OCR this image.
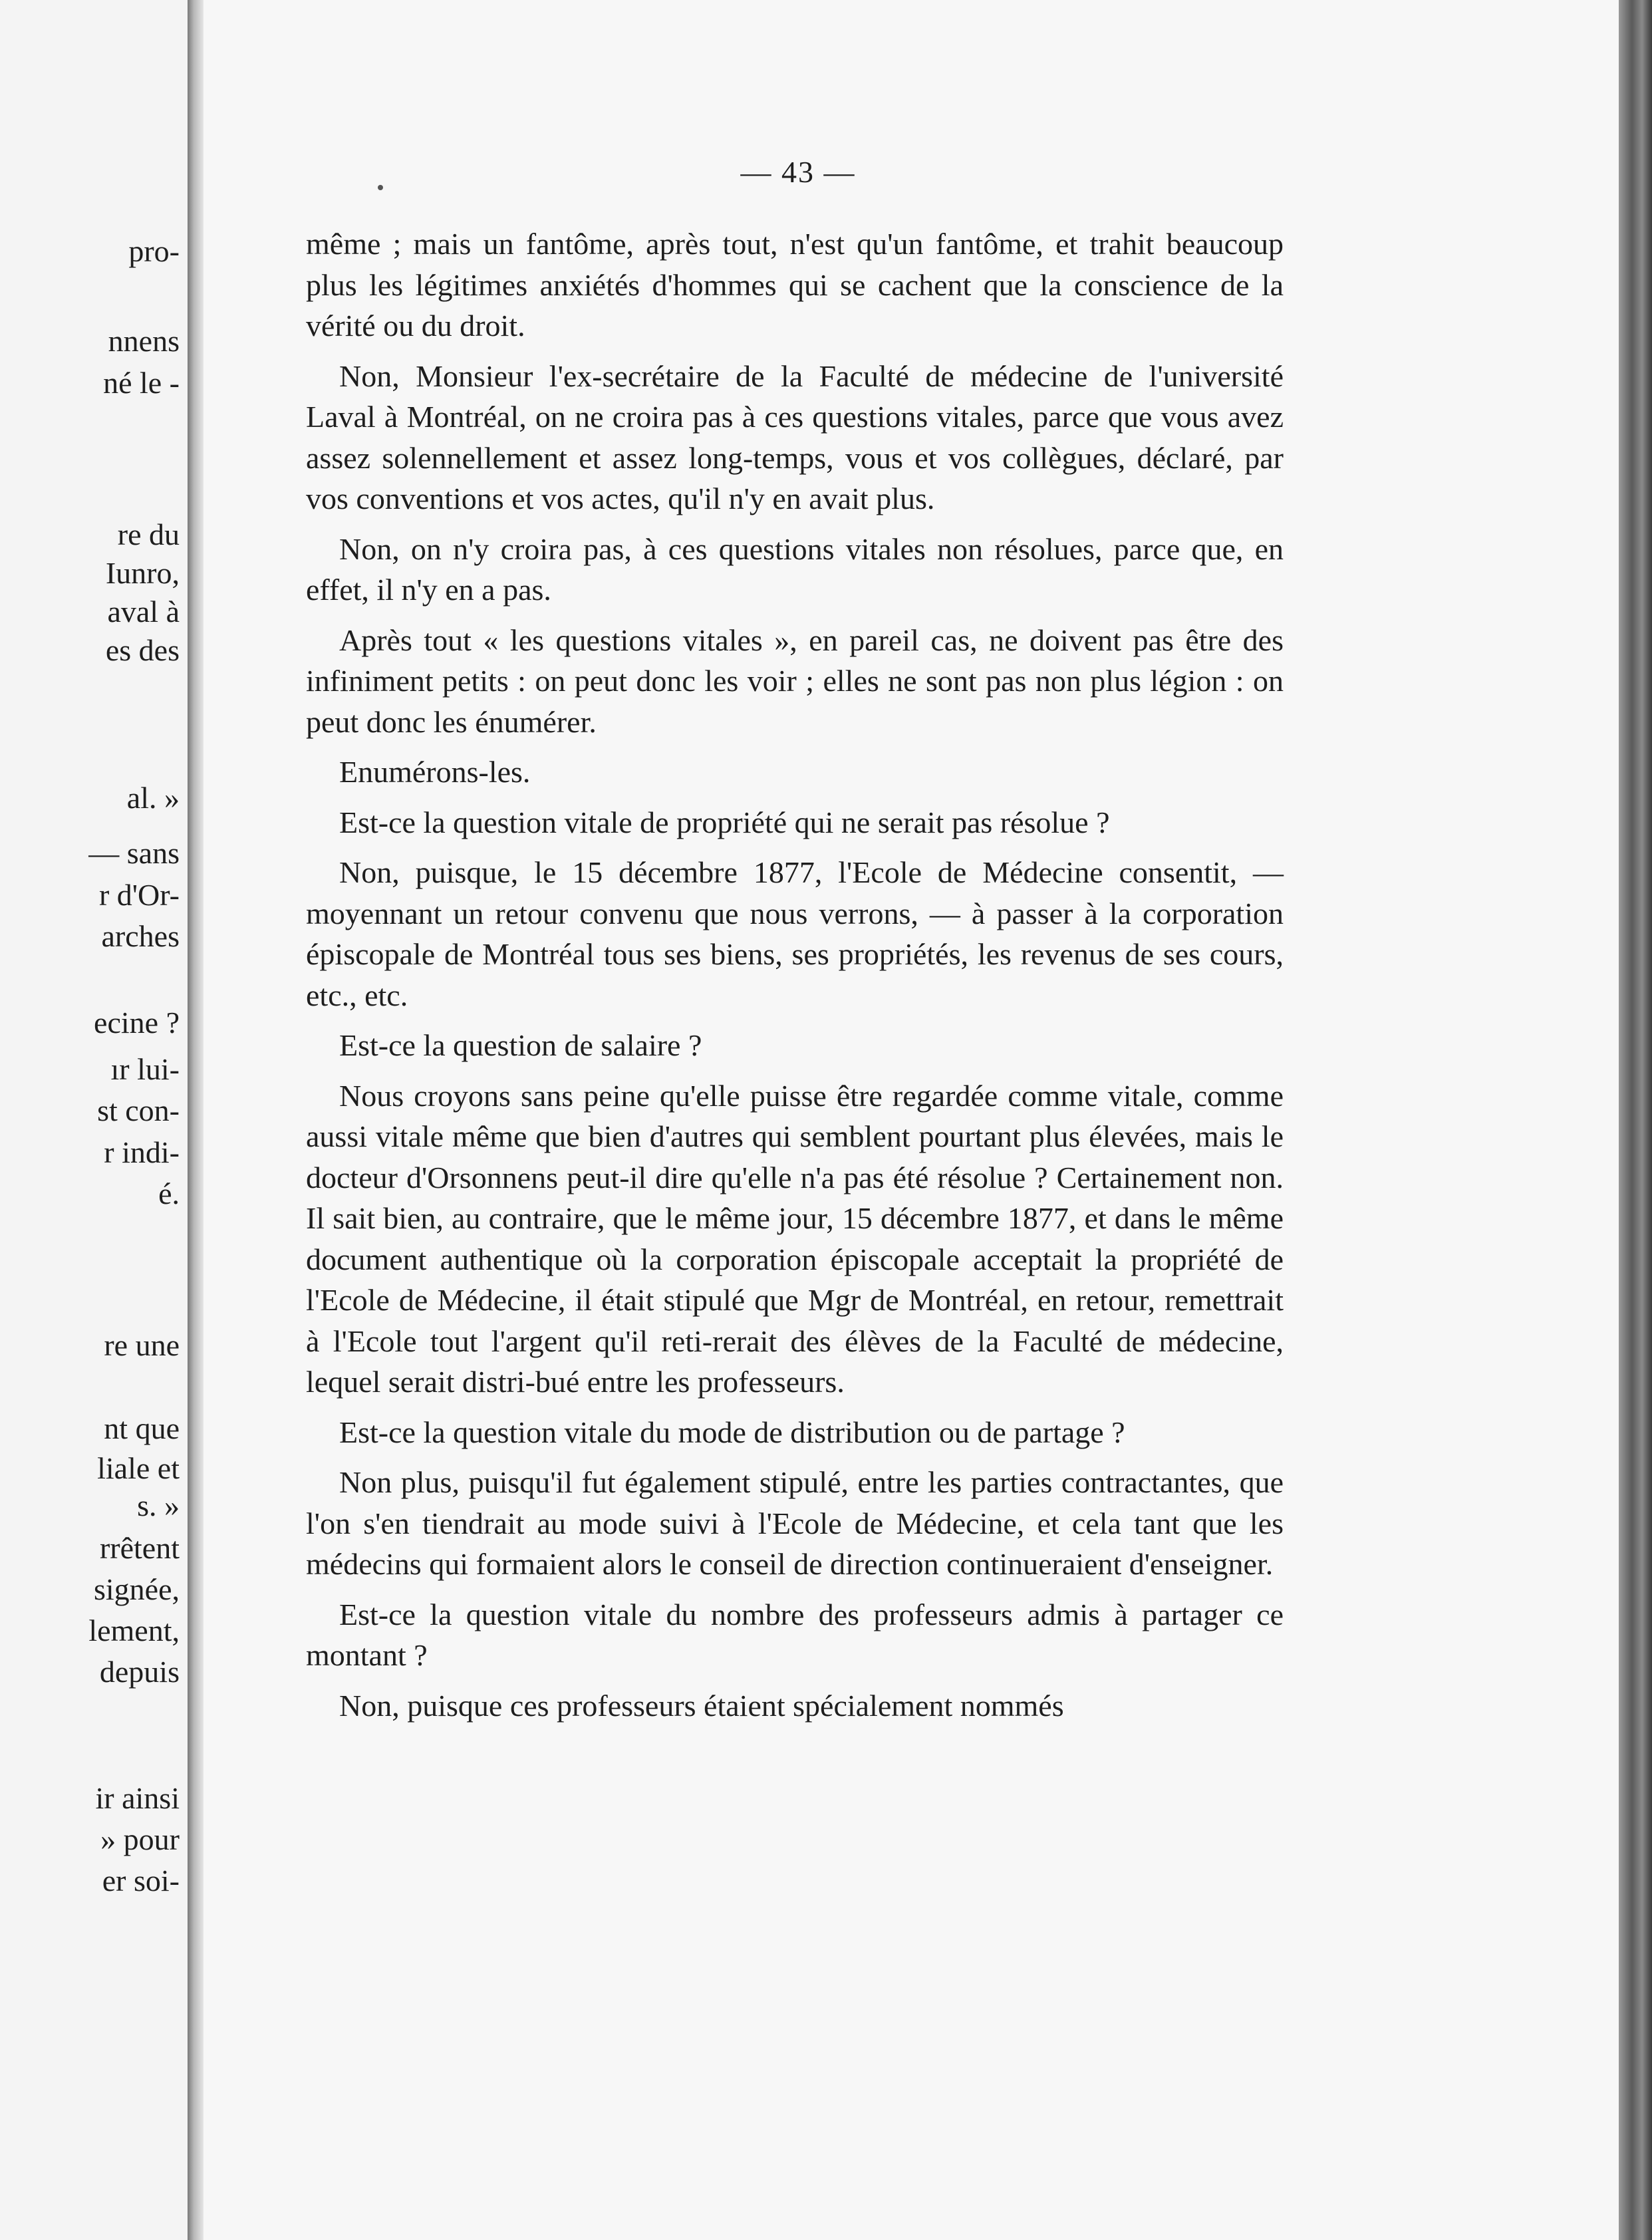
pro-
nnens
né le -
re du
Iunro,
aval à
es des
al. »
— sans
r d'Or-
arches
ecine ?
ır lui-
st con-
r indi-
é.
re une
nt que
liale et
s. »
rrêtent
signée,
lement,
depuis
ir ainsi
» pour
er soi-
— 43 —

même ; mais un fantôme, après tout, n'est qu'un fantôme, et trahit beaucoup plus les légitimes anxiétés d'hommes qui se cachent que la conscience de la vérité ou du droit.

Non, Monsieur l'ex-secrétaire de la Faculté de médecine de l'université Laval à Montréal, on ne croira pas à ces questions vitales, parce que vous avez assez solennellement et assez long-temps, vous et vos collègues, déclaré, par vos conventions et vos actes, qu'il n'y en avait plus.

Non, on n'y croira pas, à ces questions vitales non résolues, parce que, en effet, il n'y en a pas.

Après tout « les questions vitales », en pareil cas, ne doivent pas être des infiniment petits : on peut donc les voir ; elles ne sont pas non plus légion : on peut donc les énumérer.

Enumérons-les.

Est-ce la question vitale de propriété qui ne serait pas résolue ?

Non, puisque, le 15 décembre 1877, l'Ecole de Médecine consentit, — moyennant un retour convenu que nous verrons, — à passer à la corporation épiscopale de Montréal tous ses biens, ses propriétés, les revenus de ses cours, etc., etc.

Est-ce la question de salaire ?

Nous croyons sans peine qu'elle puisse être regardée comme vitale, comme aussi vitale même que bien d'autres qui semblent pourtant plus élevées, mais le docteur d'Orsonnens peut-il dire qu'elle n'a pas été résolue ? Certainement non. Il sait bien, au contraire, que le même jour, 15 décembre 1877, et dans le même document authentique où la corporation épiscopale acceptait la propriété de l'Ecole de Médecine, il était stipulé que Mgr de Montréal, en retour, remettrait à l'Ecole tout l'argent qu'il reti-rerait des élèves de la Faculté de médecine, lequel serait distri-bué entre les professeurs.

Est-ce la question vitale du mode de distribution ou de partage ?

Non plus, puisqu'il fut également stipulé, entre les parties contractantes, que l'on s'en tiendrait au mode suivi à l'Ecole de Médecine, et cela tant que les médecins qui formaient alors le conseil de direction continueraient d'enseigner.

Est-ce la question vitale du nombre des professeurs admis à partager ce montant ?

Non, puisque ces professeurs étaient spécialement nommés
